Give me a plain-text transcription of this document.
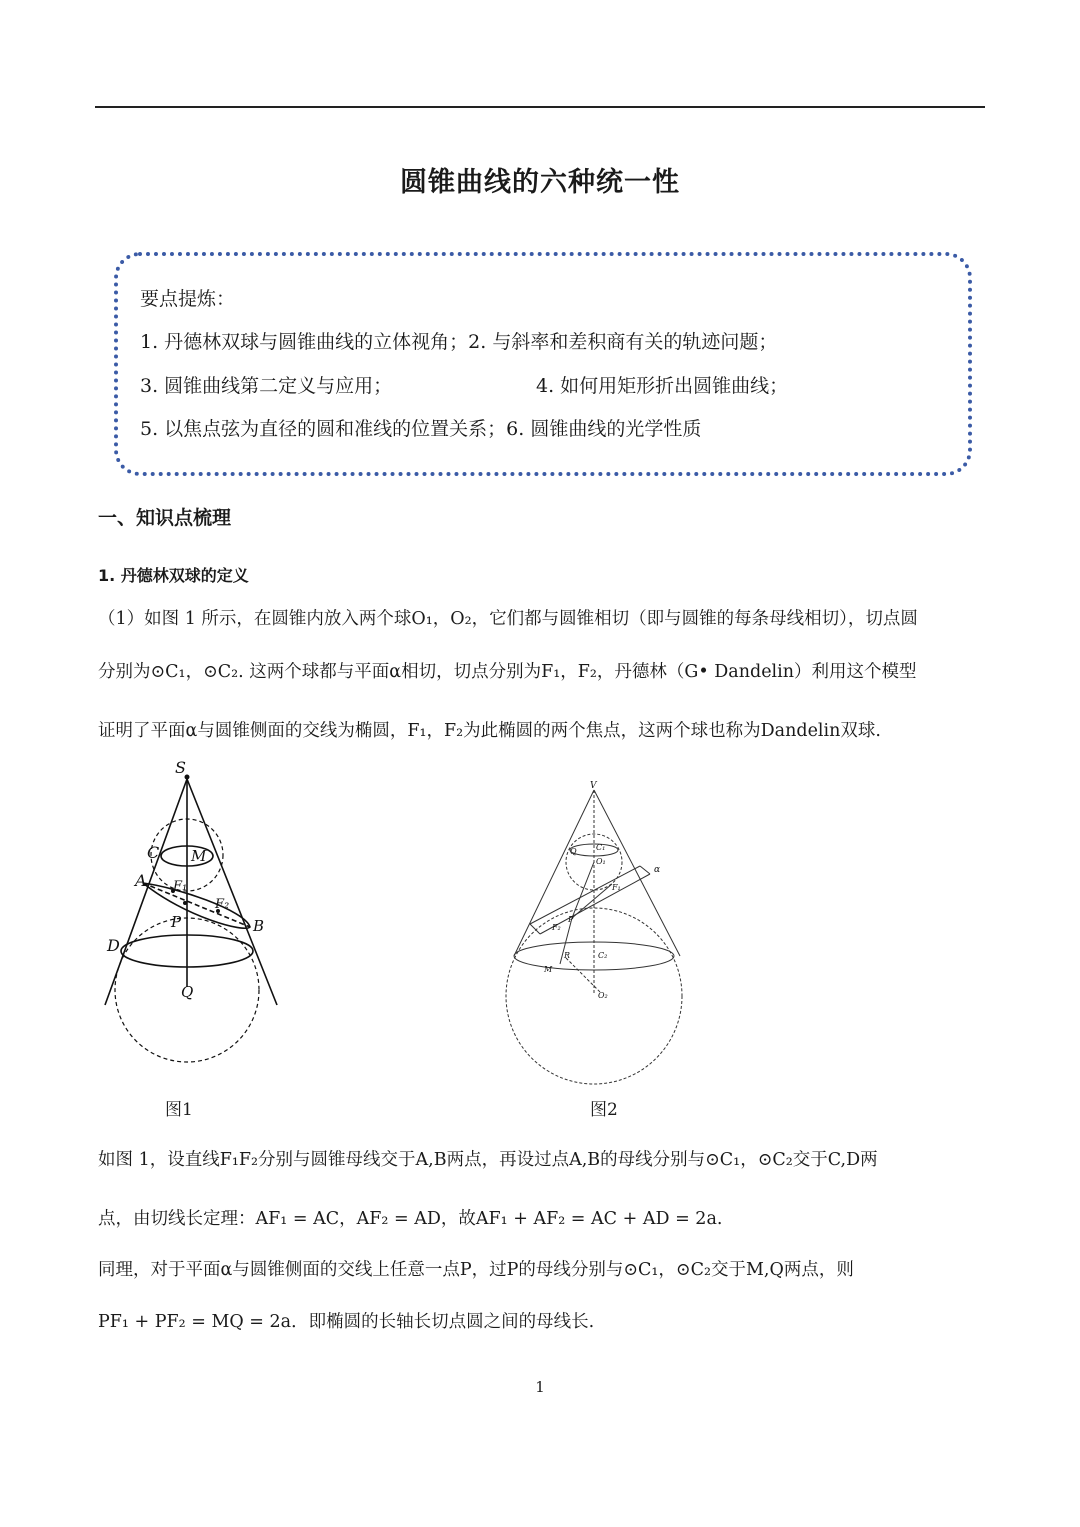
圆锥曲线的六种统一性
要点提炼：
1. 丹德林双球与圆锥曲线的立体视角；2. 与斜率和差积商有关的轨迹问题；
3. 圆锥曲线第二定义与应用；	4. 如何用矩形折出圆锥曲线；
5. 以焦点弦为直径的圆和准线的位置关系；6. 圆锥曲线的光学性质
一、知识点梳理
1. 丹德林双球的定义
（1）如图 1 所示，在圆锥内放入两个球O₁，O₂，它们都与圆锥相切（即与圆锥的每条母线相切），切点圆
分别为⊙C₁，⊙C₂. 这两个球都与平面α相切，切点分别为F₁，F₂，丹德林（G• Dandelin）利用这个模型
证明了平面α与圆锥侧面的交线为椭圆，F₁，F₂为此椭圆的两个焦点，这两个球也称为Dandelin双球.
S
C M
A F₁
F₂
P	B
D
Q
图1
V
C₁
O₁
α
F₁
F₂
P
R
M
C₂
O₂
Q
图2
如图 1，设直线F₁F₂分别与圆锥母线交于A,B两点，再设过点A,B的母线分别与⊙C₁，⊙C₂交于C,D两
点，由切线长定理：AF₁ = AC，AF₂ = AD，故AF₁ + AF₂ = AC + AD = 2a.
同理，对于平面α与圆锥侧面的交线上任意一点P，过P的母线分别与⊙C₁，⊙C₂交于M,Q两点，则
PF₁ + PF₂ = MQ = 2a．即椭圆的长轴长切点圆之间的母线长.
1
